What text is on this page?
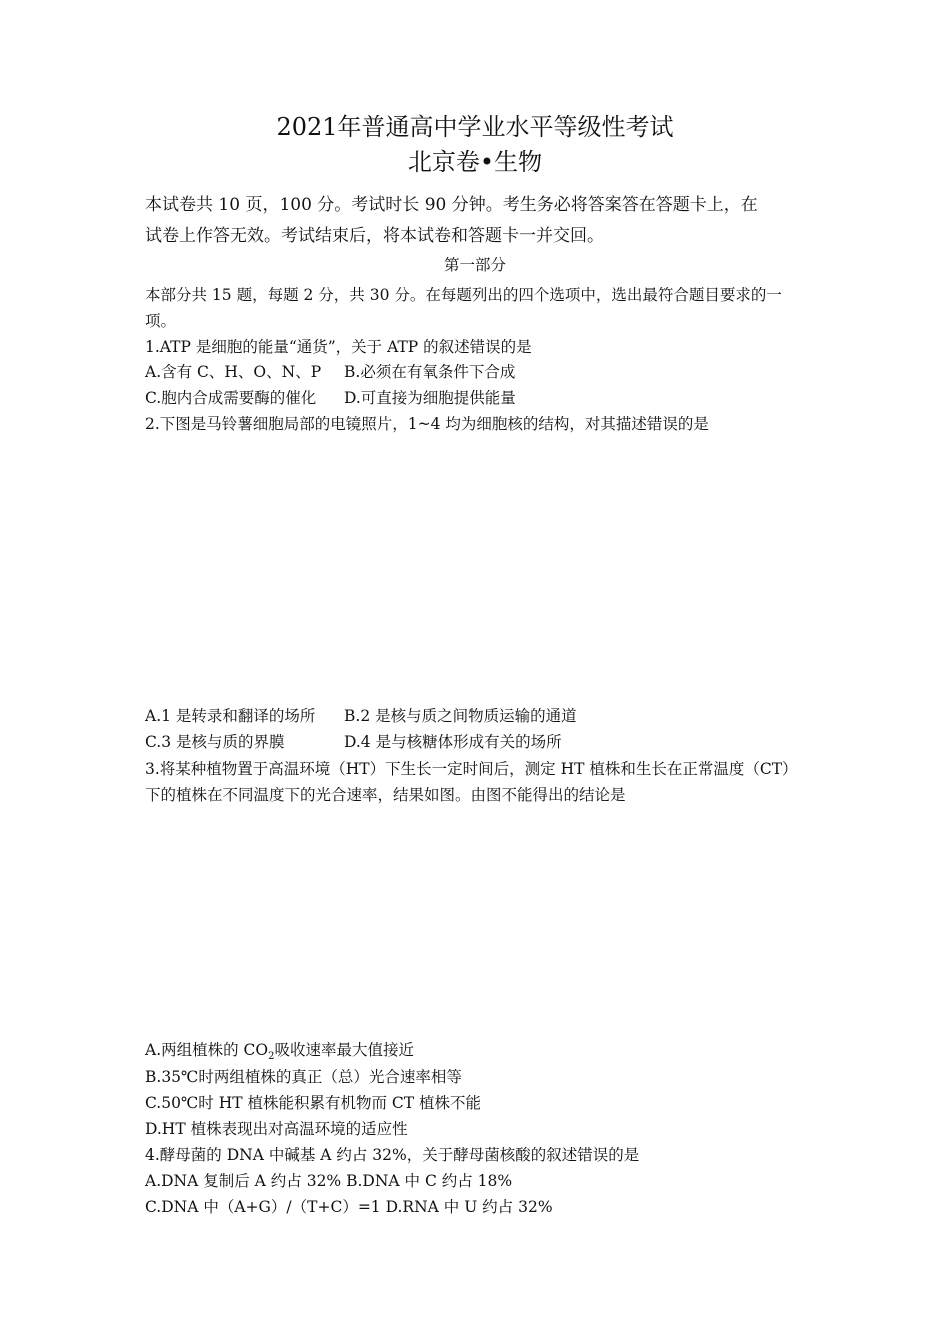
2021年普通高中学业水平等级性考试
北京卷•生物
本试卷共 10 页，100 分。考试时长 90 分钟。考生务必将答案答在答题卡上，在
试卷上作答无效。考试结束后，将本试卷和答题卡一并交回。
第一部分
本部分共 15 题，每题 2 分，共 30 分。在每题列出的四个选项中，选出最符合题目要求的一
项。
1.ATP 是细胞的能量“通货”，关于 ATP 的叙述错误的是
A.含有 C、H、O、N、P B.必须在有氧条件下合成
C.胞内合成需要酶的催化 D.可直接为细胞提供能量
2.下图是马铃薯细胞局部的电镜照片，1~4 均为细胞核的结构，对其描述错误的是
A.1 是转录和翻译的场所 B.2 是核与质之间物质运输的通道
C.3 是核与质的界膜	D.4 是与核糖体形成有关的场所
3.将某种植物置于高温环境（HT）下生长一定时间后，测定 HT 植株和生长在正常温度（CT）
下的植株在不同温度下的光合速率，结果如图。由图不能得出的结论是
A.两组植株的 $CO_2$吸收速率最大值接近
B.35℃时两组植株的真正（总）光合速率相等
C.50℃时 HT 植株能积累有机物而 CT 植株不能
D.HT 植株表现出对高温环境的适应性
4.酵母菌的 DNA 中碱基 A 约占 32%，关于酵母菌核酸的叙述错误的是
A.DNA 复制后 A 约占 32% B.DNA 中 C 约占 18%
C.DNA 中（A+G）/（T+C）=1 D.RNA 中 U 约占 32%
